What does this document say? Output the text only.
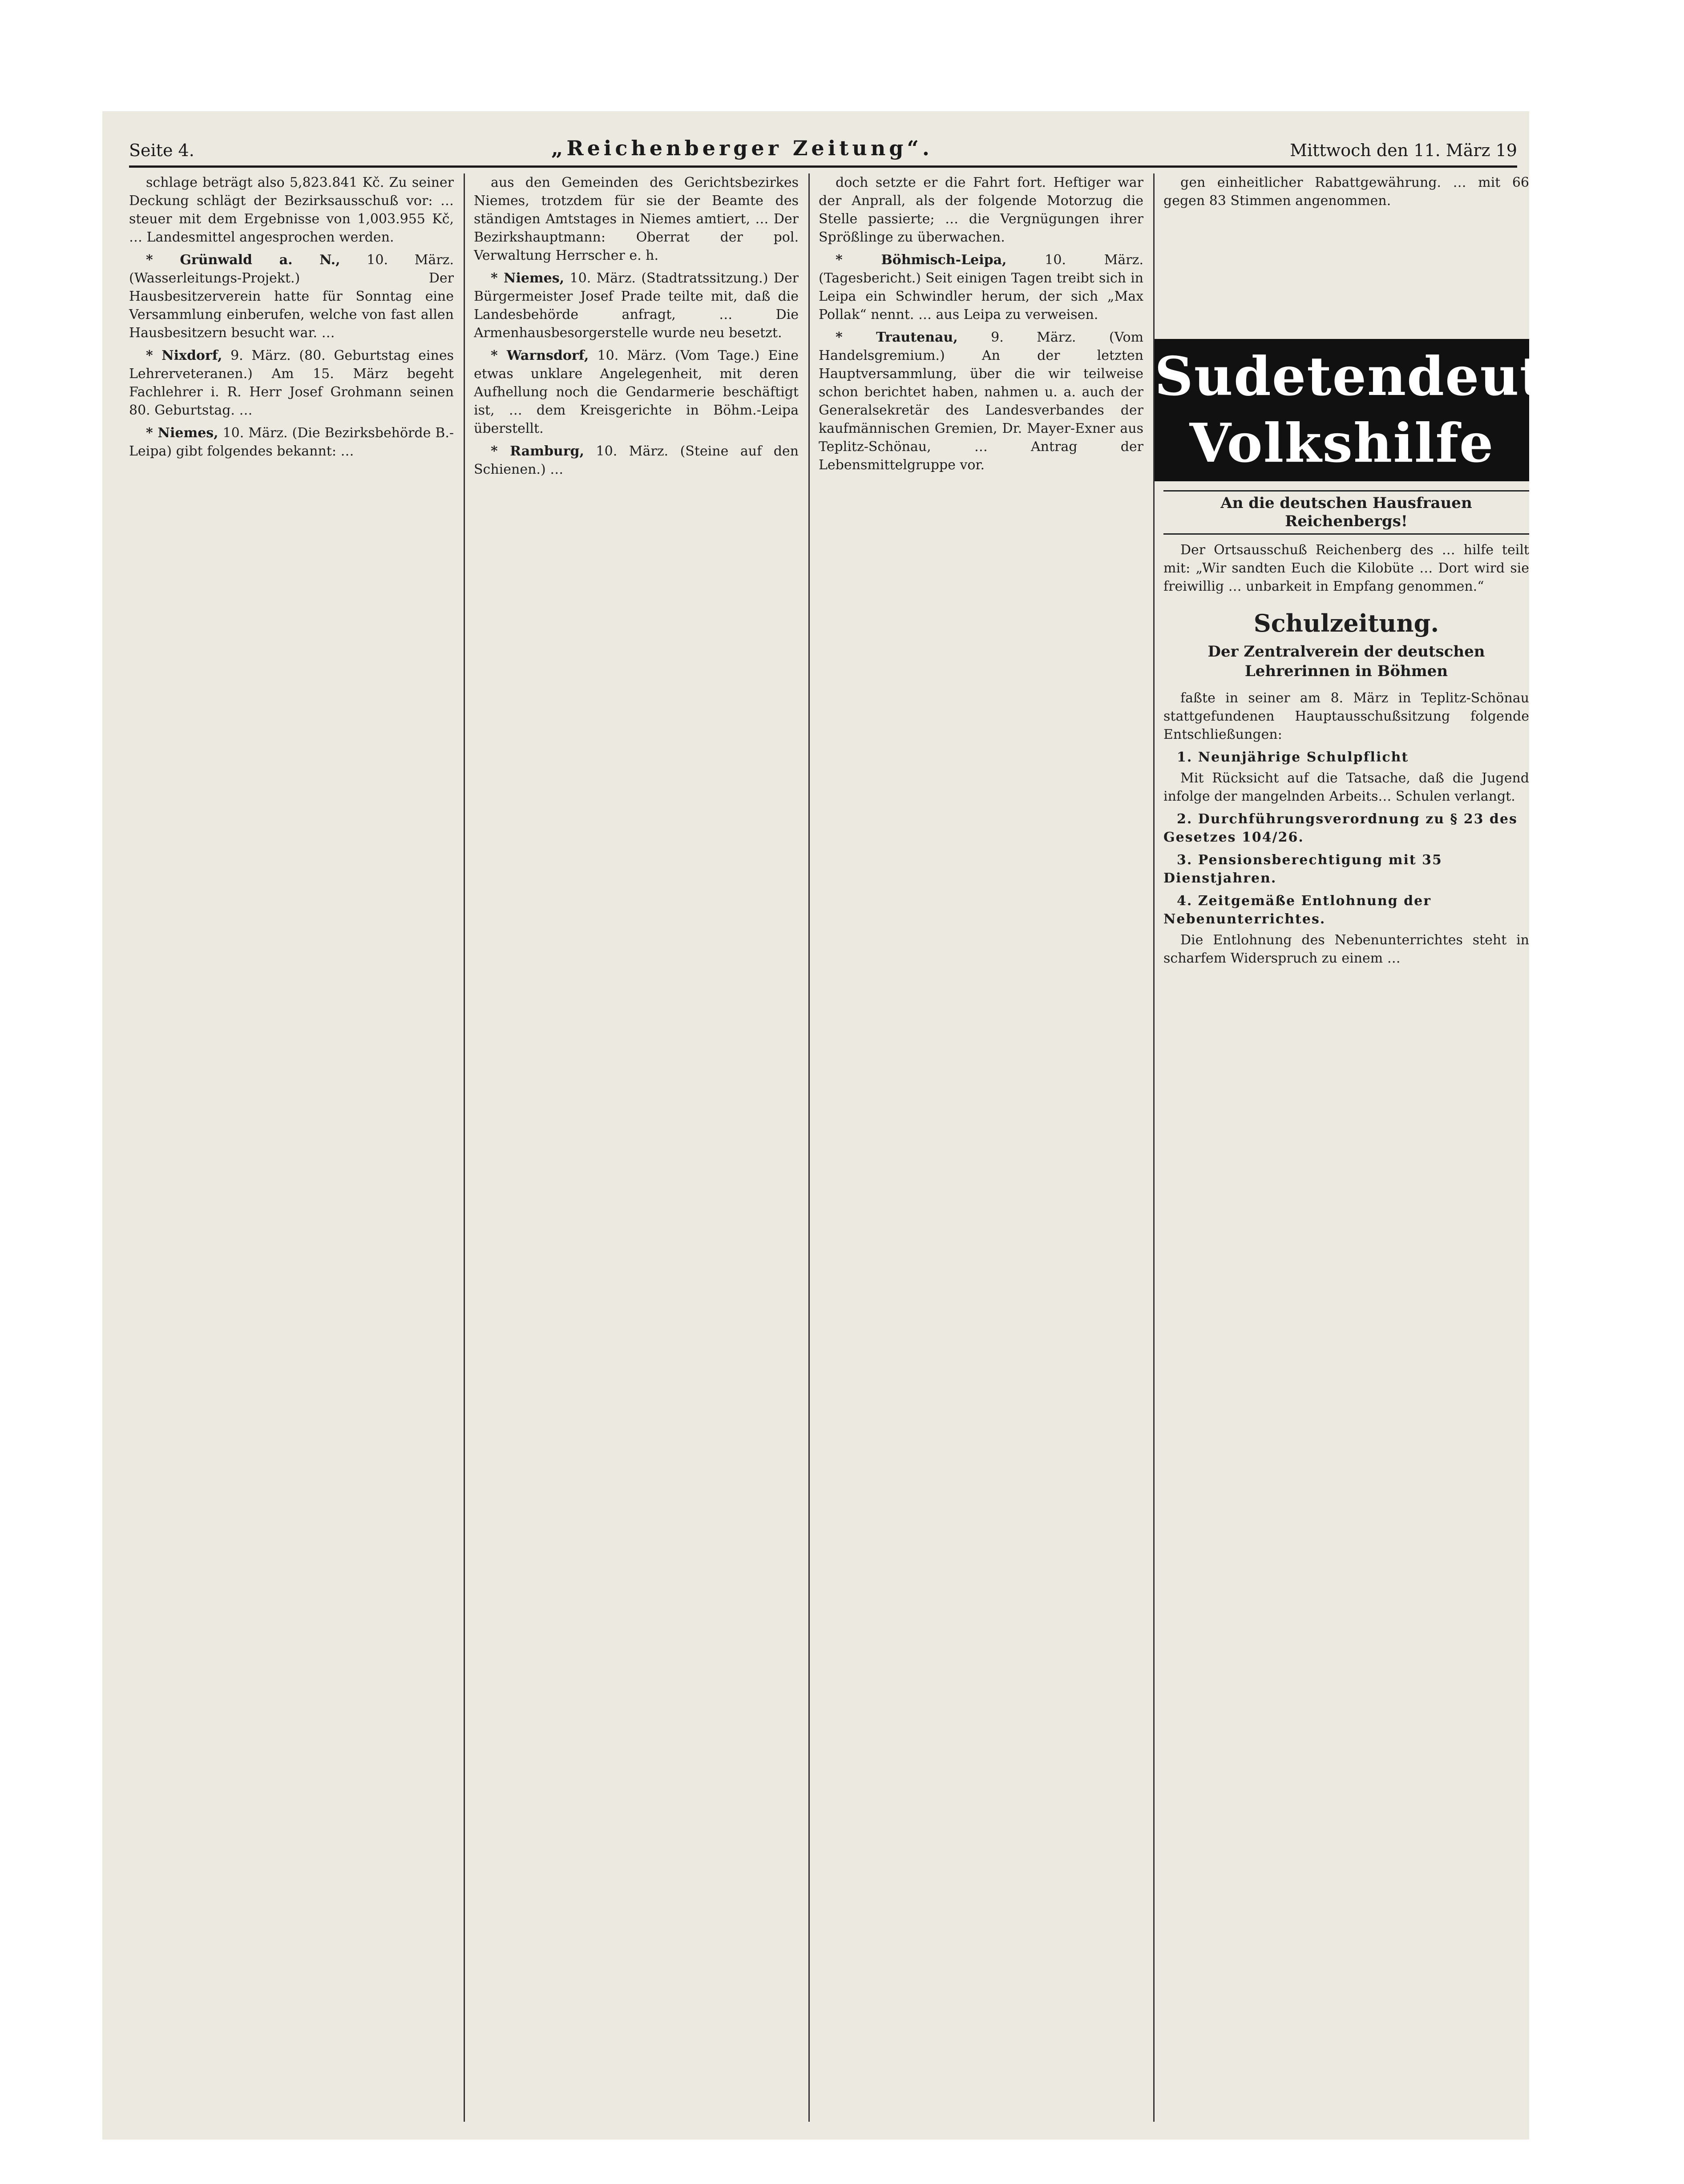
Seite 4.	„Reichenberger Zeitung“.	Mittwoch den 11. März 19

schlage beträgt also 5,823.841 Kč. Zu seiner Deckung schlägt der Bezirksausschuß vor: … steuer mit dem Ergebnisse von 1,003.955 Kč, … Landesmittel angesprochen werden.

* Grünwald a. N., 10. März. (Wasserleitungs-Projekt.) Der Hausbesitzerverein hatte für Sonntag eine Versammlung einberufen, welche von fast allen Hausbesitzern besucht war. …

* Nixdorf, 9. März. (80. Geburtstag eines Lehrerveteranen.) Am 15. März begeht Fachlehrer i. R. Herr Josef Grohmann seinen 80. Geburtstag. …

* Niemes, 10. März. (Die Bezirksbehörde B.-Leipa) gibt folgendes bekannt: …

aus den Gemeinden des Gerichtsbezirkes Niemes, trotzdem für sie der Beamte des ständigen Amtstages in Niemes amtiert, … Der Bezirkshauptmann: Oberrat der pol. Verwaltung Herrscher e. h.

* Niemes, 10. März. (Stadtratssitzung.) Der Bürgermeister Josef Prade teilte mit, daß die Landesbehörde anfragt, … Die Armenhausbesorgerstelle wurde neu besetzt.

* Warnsdorf, 10. März. (Vom Tage.) Eine etwas unklare Angelegenheit, mit deren Aufhellung noch die Gendarmerie beschäftigt ist, … dem Kreisgerichte in Böhm.-Leipa überstellt.

* Ramburg, 10. März. (Steine auf den Schienen.) …

doch setzte er die Fahrt fort. Heftiger war der Anprall, als der folgende Motorzug die Stelle passierte; … die Vergnügungen ihrer Sprößlinge zu überwachen.

* Böhmisch-Leipa,	10. März. (Tagesbericht.) Seit einigen Tagen treibt sich in Leipa ein Schwindler herum, der sich „Max Pollak“ nennt. … aus Leipa zu verweisen.

* Trautenau, 9. März. (Vom Handelsgremium.) An der letzten Hauptversammlung, über die wir teilweise schon berichtet haben, nahmen u. a. auch der Generalsekretär des Landesverbandes der kaufmännischen Gremien, Dr. Mayer-Exner aus Teplitz-Schönau, … Antrag der Lebensmittelgruppe vor.

gen einheitlicher Rabattgewährung. … mit 66 gegen 83 Stimmen angenommen.

Sudetendeutsche
Volkshilfe
An die deutschen Hausfrauen Reichenbergs!

Der Ortsausschuß Reichenberg des … hilfe teilt mit: „Wir sandten Euch die Kilobüte … Dort wird sie freiwillig … unbarkeit in Empfang genommen.“

Schulzeitung.
Der Zentralverein der deutschen Lehrerinnen in Böhmen

faßte in seiner am 8. März in Teplitz-Schönau stattgefundenen Hauptausschußsitzung folgende Entschließungen:

1. Neunjährige Schulpflicht

Mit Rücksicht auf die Tatsache, daß die Jugend infolge der mangelnden Arbeits… Schulen verlangt.

2. Durchführungsverordnung zu § 23 des Gesetzes 104/26.
3. Pensionsberechtigung mit 35 Dienstjahren.
4. Zeitgemäße Entlohnung der Nebenunterrichtes.

Die Entlohnung des Nebenunterrichtes steht in scharfem Widerspruch zu einem …
